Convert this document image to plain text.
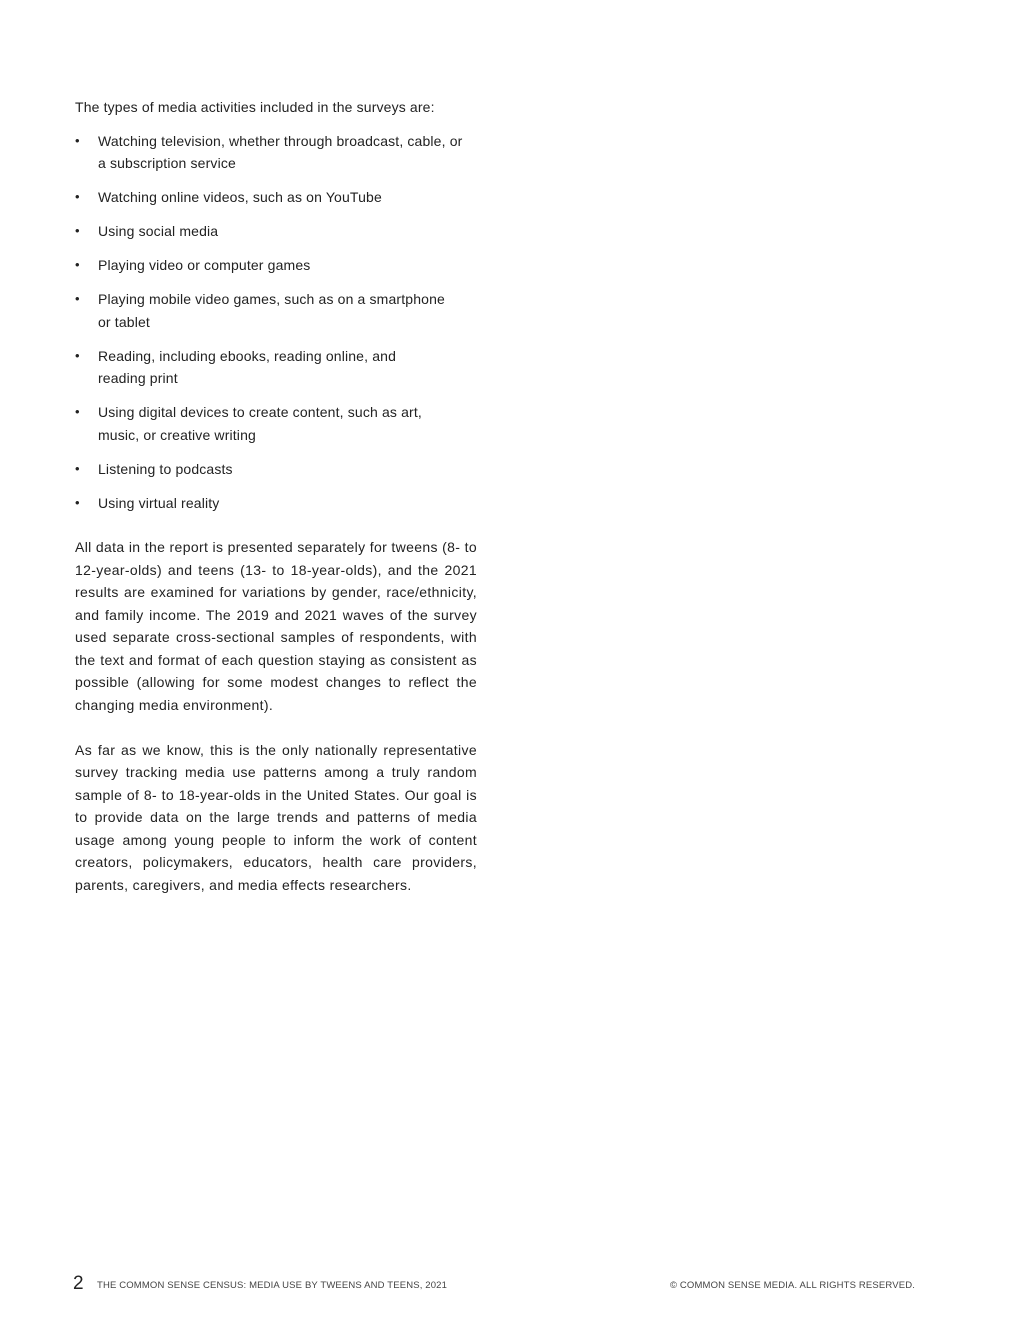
The types of media activities included in the surveys are:

• Watching television, whether through broadcast, cable, or a subscription service
• Watching online videos, such as on YouTube
• Using social media
• Playing video or computer games
• Playing mobile video games, such as on a smartphone or tablet
• Reading, including ebooks, reading online, and reading print
• Using digital devices to create content, such as art, music, or creative writing
• Listening to podcasts
• Using virtual reality

All data in the report is presented separately for tweens (8- to 12-year-olds) and teens (13- to 18-year-olds), and the 2021 results are examined for variations by gender, race/ethnicity, and family income. The 2019 and 2021 waves of the survey used separate cross-sectional samples of respondents, with the text and format of each question staying as consistent as possible (allowing for some modest changes to reflect the changing media environment).

As far as we know, this is the only nationally representative survey tracking media use patterns among a truly random sample of 8- to 18-year-olds in the United States. Our goal is to provide data on the large trends and patterns of media usage among young people to inform the work of content creators, policymakers, educators, health care providers, parents, caregivers, and media effects researchers.

2 THE COMMON SENSE CENSUS: MEDIA USE BY TWEENS AND TEENS, 2021	© COMMON SENSE MEDIA. ALL RIGHTS RESERVED.
